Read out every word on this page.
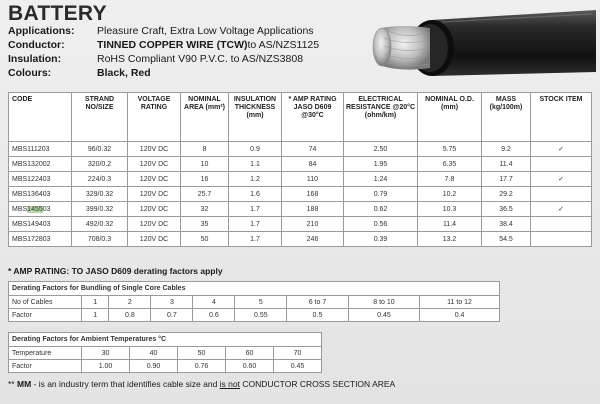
BATTERY
Applications: Pleasure Craft, Extra Low Voltage Applications
Conductor:	TINNED COPPER WIRE (TCW)to AS/NZS1125
Insulation:	RoHS Compliant V90 P.V.C. to AS/NZS3808
Colours:	Black, Red
CODE	STRAND NO/SIZE	VOLTAGE RATING	NOMINAL AREA (mm²)	INSULATION THICKNESS (mm)	* AMP RATING JASO D609 @30°C	ELECTRICAL RESISTANCE @20°C (ohm/km)	NOMINAL O.D. (mm)	MASS (kg/100m)	STOCK ITEM
MBS111203	96/0.32	120V DC	8	0.9	74	2.50	5.75	9.2	✓
MBS132002	320/0.2	120V DC	10	1.1	84	1.95	6.35	11.4	
MBS122403	224/0.3	120V DC	16	1.2	110	1.24	7.8	17.7	✓
MBS136403	329/0.32	120V DC	25.7	1.6	168	0.79	10.2	29.2	
MBS145503	399/0.32	120V DC	32	1.7	188	0.62	10.3	36.5	✓
MBS149403	492/0.32	120V DC	35	1.7	210	0.56	11.4	38.4	
MBS172803	708/0.3	120V DC	50	1.7	246	0.39	13.2	54.5	
* AMP RATING: TO JASO D609 derating factors apply
Derating Factors for Bundling of Single Core Cables								
No of Cables	1	2	3	4	5	6 to 7	8 to 10	11 to 12
Factor	1	0.8	0.7	0.6	0.55	0.5	0.45	0.4
Derating Factors for Ambient Temperatures °C					
Temperature	30	40	50	60	70
Factor	1.00	0.90	0.76	0.60	0.45
** MM - is an industry term that identifies cable size and is not CONDUCTOR CROSS SECTION AREA
